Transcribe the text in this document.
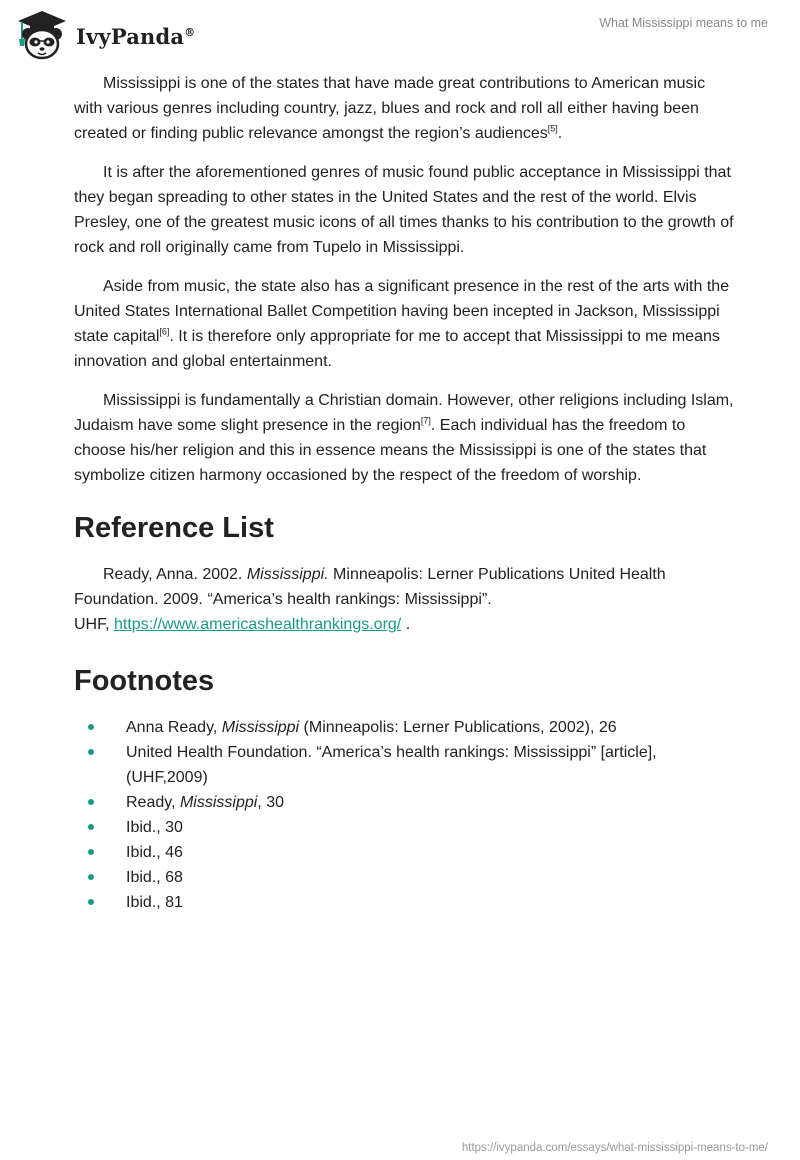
IvyPanda®
What Mississippi means to me

Mississippi is one of the states that have made great contributions to American music with various genres including country, jazz, blues and rock and roll all either having been created or finding public relevance amongst the region’s audiences[5].

It is after the aforementioned genres of music found public acceptance in Mississippi that they began spreading to other states in the United States and the rest of the world. Elvis Presley, one of the greatest music icons of all times thanks to his contribution to the growth of rock and roll originally came from Tupelo in Mississippi.

Aside from music, the state also has a significant presence in the rest of the arts with the United States International Ballet Competition having been incepted in Jackson, Mississippi state capital[6]. It is therefore only appropriate for me to accept that Mississippi to me means innovation and global entertainment.

Mississippi is fundamentally a Christian domain. However, other religions including Islam, Judaism have some slight presence in the region[7]. Each individual has the freedom to choose his/her religion and this in essence means the Mississippi is one of the states that symbolize citizen harmony occasioned by the respect of the freedom of worship.

Reference List

Ready, Anna. 2002. Mississippi. Minneapolis: Lerner Publications United Health Foundation. 2009. “America’s health rankings: Mississippi”.
UHF, https://www.americashealthrankings.org/ .

Footnotes
Anna Ready, Mississippi (Minneapolis: Lerner Publications, 2002), 26
United Health Foundation. “America’s health rankings: Mississippi” [article], (UHF,2009)
Ready, Mississippi, 30
Ibid., 30
Ibid., 46
Ibid., 68
Ibid., 81
https://ivypanda.com/essays/what-mississippi-means-to-me/
